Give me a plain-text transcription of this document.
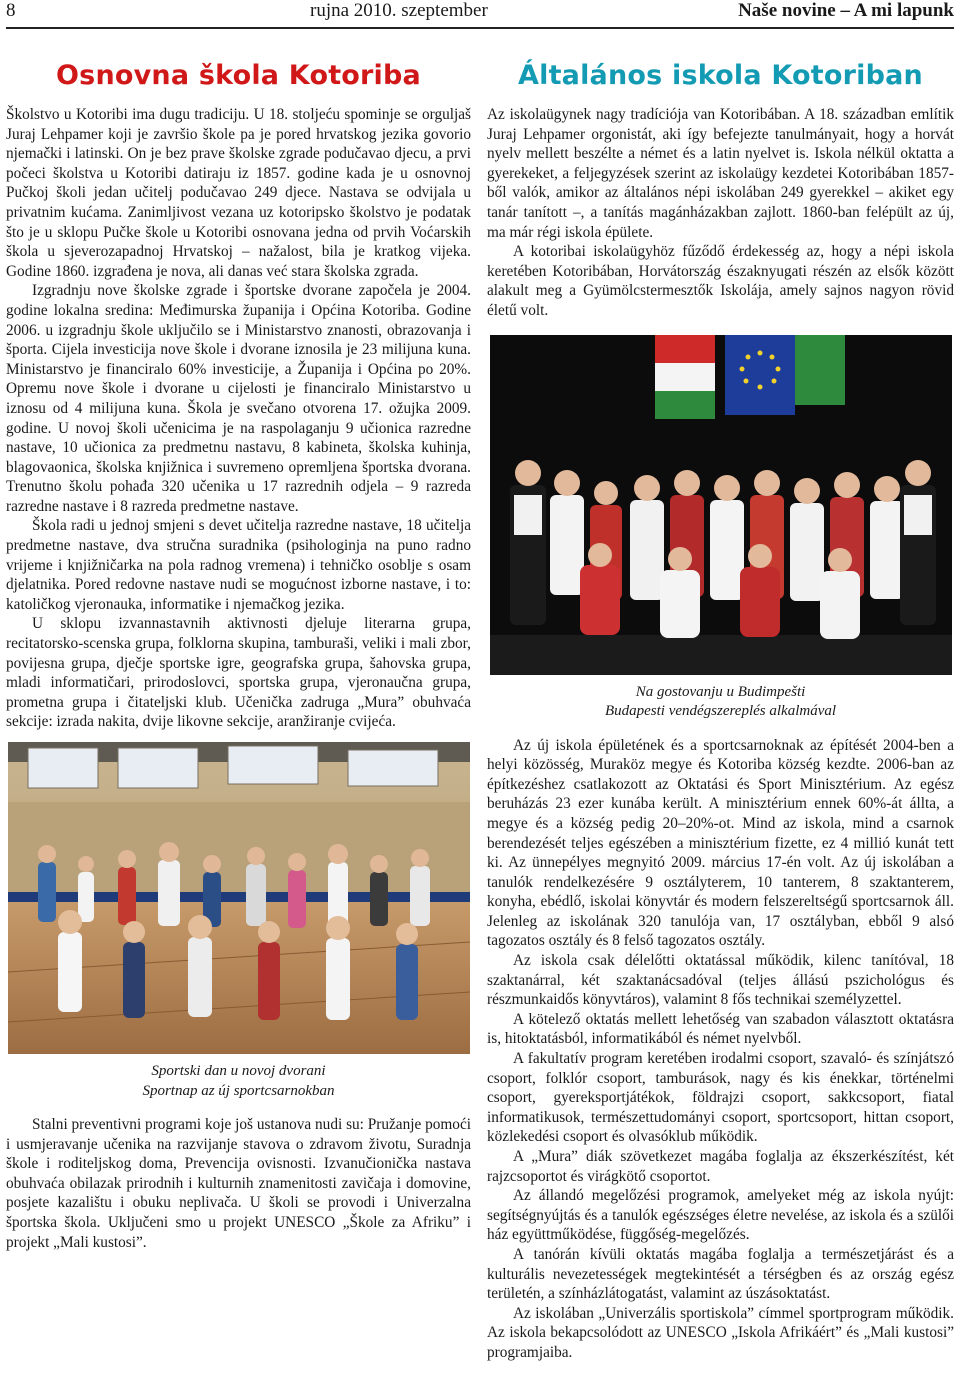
8	rujna 2010. szeptember	Naše novine – A mi lapunk
Osnovna škola Kotoriba

Školstvo u Kotoribi ima dugu tradiciju. U 18. stoljeću spominje se orguljaš Juraj Lehpamer koji je završio škole pa je pored hrvatskog jezika govorio njemački i latinski. On je bez prave školske zgrade podučavao djecu, a prvi počeci školstva u Kotoribi datiraju iz 1857. godine kada je u osnovnoj Pučkoj školi jedan učitelj podučavao 249 djece. Nastava se odvijala u privatnim kućama. Zanimljivost vezana uz kotoripsko školstvo je podatak što je u sklopu Pučke škole u Kotoribi osnovana jedna od prvih Voćarskih škola u sjeverozapadnoj Hrvatskoj – nažalost, bila je kratkog vijeka. Godine 1860. izgrađena je nova, ali danas već stara školska zgrada.

Izgradnju nove školske zgrade i športske dvorane započela je 2004. godine lokalna sredina: Međimurska županija i Općina Kotoriba. Godine 2006. u izgradnju škole uključilo se i Ministarstvo znanosti, obrazovanja i športa. Cijela investicija nove škole i dvorane iznosila je 23 milijuna kuna. Ministarstvo je financiralo 60% investicije, a Županija i Općina po 20%. Opremu nove škole i dvorane u cijelosti je financiralo Ministarstvo u iznosu od 4 milijuna kuna. Škola je svečano otvorena 17. ožujka 2009. godine. U novoj školi učenicima je na raspolaganju 9 učionica razredne nastave, 10 učionica za predmetnu nastavu, 8 kabineta, školska kuhinja, blagovaonica, školska knjižnica i suvremeno opremljena športska dvorana. Trenutno školu pohađa 320 učenika u 17 razrednih odjela – 9 razreda razredne nastave i 8 razreda predmetne nastave.

Škola radi u jednoj smjeni s devet učitelja razredne nastave, 18 učitelja predmetne nastave, dva stručna suradnika (psihologinja na puno radno vrijeme i knjižničarka na pola radnog vremena) i tehničko osoblje s osam djelatnika. Pored redovne nastave nudi se mogućnost izborne nastave, i to: katoličkog vjeronauka, informatike i njemačkog jezika.

U sklopu izvannastavnih aktivnosti djeluje literarna grupa, recitatorsko-scenska grupa, folklorna skupina, tamburaši, veliki i mali zbor, povijesna grupa, dječje sportske igre, geografska grupa, šahovska grupa, mladi informatičari, prirodoslovci, sportska grupa, vjeronaučna grupa, prometna grupa i čitateljski klub. Učenička zadruga „Mura” obuhvaća sekcije: izrada nakita, dvije likovne sekcije, aranžiranje cvijeća.

Sportski dan u novoj dvorani
Sportnap az új sportcsarnokban

Stalni preventivni programi koje još ustanova nudi su: Pružanje pomoći i usmjeravanje učenika na razvijanje stavova o zdravom životu, Suradnja škole i roditeljskog doma, Prevencija ovisnosti. Izvanučionička nastava obuhvaća obilazak prirodnih i kulturnih znamenitosti zavičaja i domovine, posjete kazalištu i obuku neplivača. U školi se provodi i Univerzalna športska škola. Uključeni smo u projekt UNESCO „Škole za Afriku” i projekt „Mali kustosi”.

Általános iskola Kotoriban

Az iskolaügynek nagy tradíciója van Kotoribában. A 18. században említik Juraj Lehpamer orgonistát, aki így befejezte tanulmányait, hogy a horvát nyelv mellett beszélte a német és a latin nyelvet is. Iskola nélkül oktatta a gyerekeket, a feljegyzések szerint az iskolaügy kezdetei Kotoribában 1857-ből valók, amikor az általános népi iskolában 249 gyerekkel – akiket egy tanár tanított –, a tanítás magánházakban zajlott. 1860-ban felépült az új, ma már régi iskola épülete.

A kotoribai iskolaügyhöz fűződő érdekesség az, hogy a népi iskola keretében Kotoribában, Horvátország északnyugati részén az elsők között alakult meg a Gyümölcstermesztők Iskolája, amely sajnos nagyon rövid életű volt.

Na gostovanju u Budimpešti
Budapesti vendégszereplés alkalmával

Az új iskola épületének és a sportcsarnoknak az építését 2004-ben a helyi közösség, Muraköz megye és Kotoriba község kezdte. 2006-ban az építkezéshez csatlakozott az Oktatási és Sport Minisztérium. Az egész beruházás 23 ezer kunába került. A minisztérium ennek 60%-át állta, a megye és a község pedig 20–20%-ot. Mind az iskola, mind a csarnok berendezését teljes egészében a minisztérium fizette, ez 4 millió kunát tett ki. Az ünnepélyes megnyitó 2009. március 17-én volt. Az új iskolában a tanulók rendelkezésére 9 osztályterem, 10 tanterem, 8 szaktanterem, konyha, ebédlő, iskolai könyvtár és modern felszereltségű sportcsarnok áll. Jelenleg az iskolának 320 tanulója van, 17 osztályban, ebből 9 alsó tagozatos osztály és 8 felső tagozatos osztály.

Az iskola csak délelőtti oktatással működik, kilenc tanítóval, 18 szaktanárral, két szaktanácsadóval (teljes állású pszichológus és részmunkaidős könyvtáros), valamint 8 fős technikai személyzettel.

A kötelező oktatás mellett lehetőség van szabadon választott oktatásra is, hitoktatásból, informatikából és német nyelvből.

A fakultatív program keretében irodalmi csoport, szavaló- és színjátszó csoport, folklór csoport, tamburások, nagy és kis énekkar, történelmi csoport, gyereksportjátékok, földrajzi csoport, sakkcsoport, fiatal informatikusok, természettudományi csoport, sportcsoport, hittan csoport, közlekedési csoport és olvasóklub működik.

A „Mura” diák szövetkezet magába foglalja az ékszerkészítést, két rajzcsoportot és virágkötő csoportot.

Az állandó megelőzési programok, amelyeket még az iskola nyújt: segítségnyújtás és a tanulók egészséges életre nevelése, az iskola és a szülői ház együttműködése, függőség-megelőzés.

A tanórán kívüli oktatás magába foglalja a természetjárást és a kulturális nevezetességek megtekintését a térségben és az ország egész területén, a színházlátogatást, valamint az úszásoktatást.

Az iskolában „Univerzális sportiskola” címmel sportprogram működik. Az iskola bekapcsolódott az UNESCO „Iskola Afrikáért” és „Mali kustosi” programjaiba.
